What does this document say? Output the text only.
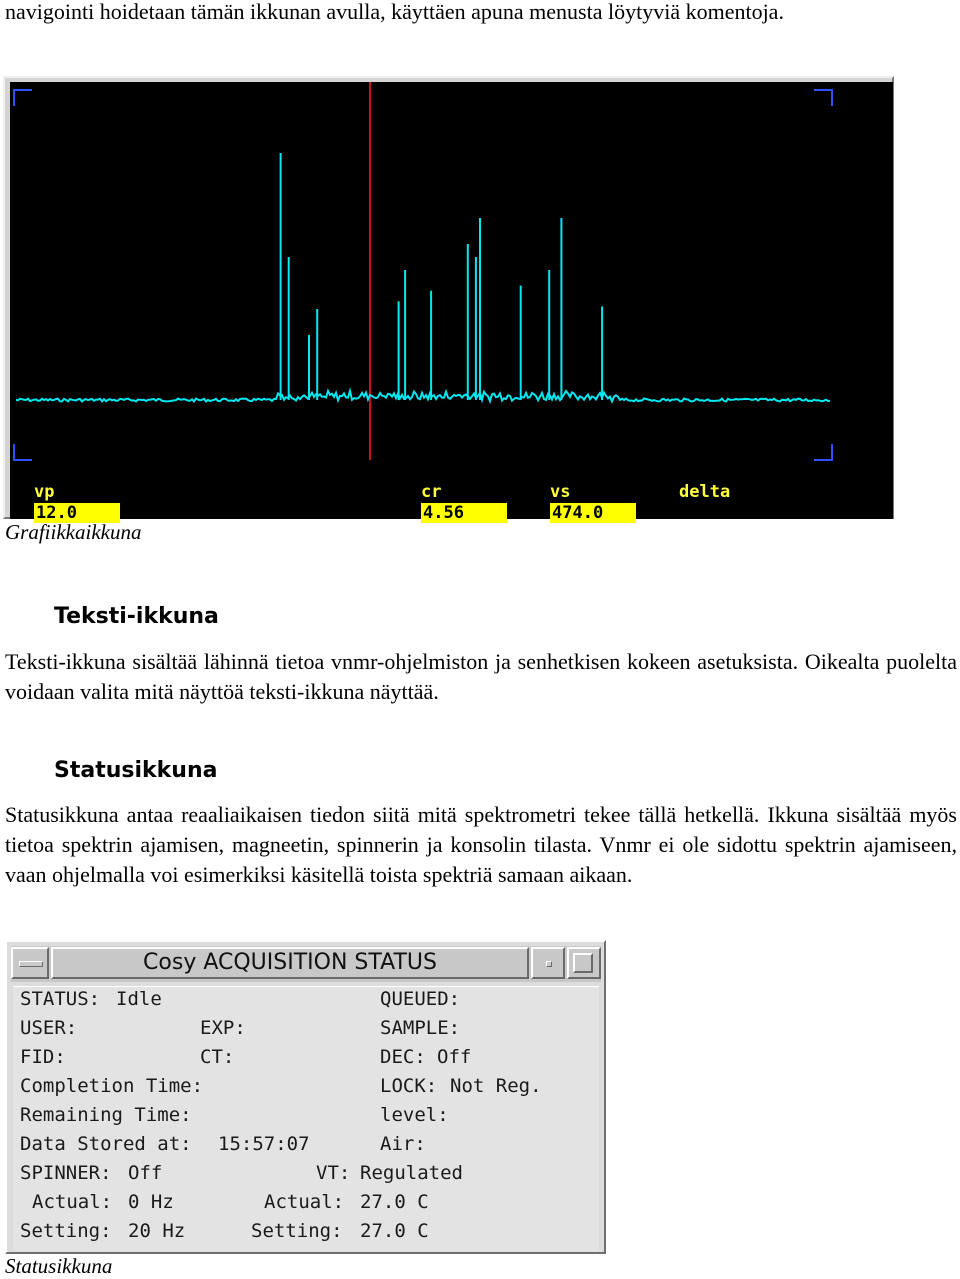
navigointi hoidetaan tämän ikkunan avulla, käyttäen apuna menusta löytyviä komentoja.

vp
12.0
cr
4.56
vs
474.0
delta

Grafiikkaikkuna

Teksti-ikkuna

Teksti-ikkuna sisältää lähinnä tietoa vnmr-ohjelmiston ja senhetkisen kokeen asetuksista. Oikealta puolelta voidaan valita mitä näyttöä teksti-ikkuna näyttää.

Statusikkuna

Statusikkuna antaa reaaliaikaisen tiedon siitä mitä spektrometri tekee tällä hetkellä. Ikkuna sisältää myös tietoa spektrin ajamisen, magneetin, spinnerin ja konsolin tilasta. Vnmr ei ole sidottu spektrin ajamiseen, vaan ohjelmalla voi esimerkiksi käsitellä toista spektriä samaan aikaan.

Cosy ACQUISITION STATUS
STATUS: Idle	QUEUED:
USER:	EXP:	SAMPLE:
FID:	CT:	DEC: Off
Completion Time:	LOCK: Not Reg.
Remaining Time:	level:
Data Stored at: 15:57:07	Air:
SPINNER: Off	VT: Regulated
Actual: 0 Hz	Actual: 27.0 C
Setting: 20 Hz	Setting: 27.0 C

Statusikkuna
